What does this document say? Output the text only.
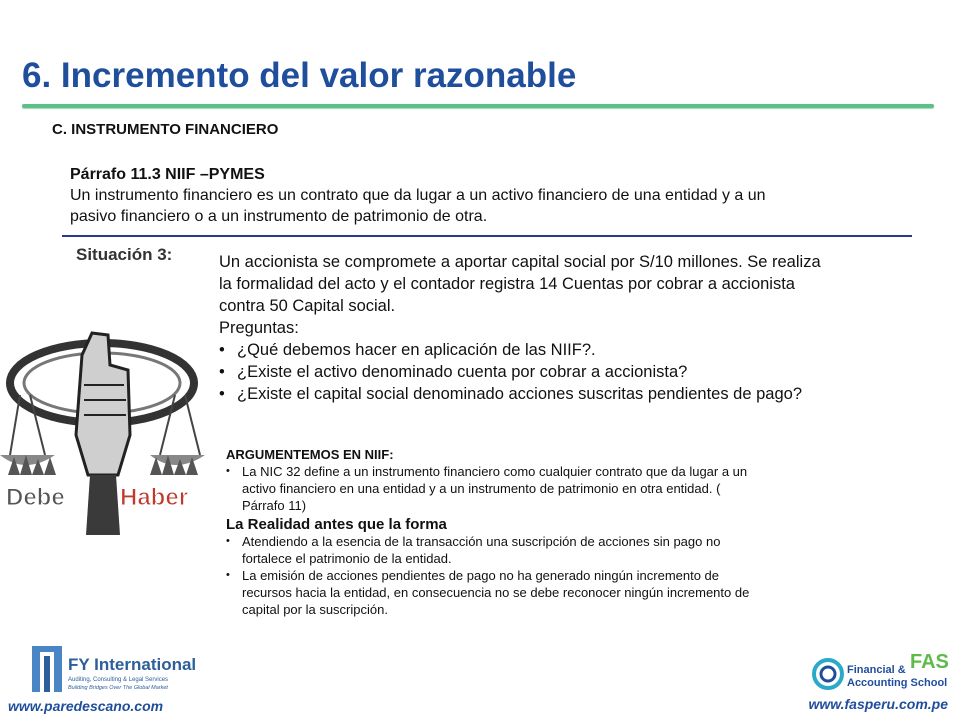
6. Incremento del valor razonable
C. INSTRUMENTO FINANCIERO
Párrafo 11.3 NIIF –PYMES
Un instrumento financiero es un contrato que da lugar a un activo financiero de una entidad y a un
pasivo financiero o a un instrumento de patrimonio de otra.
Situación 3:	Un accionista se compromete a aportar capital social por S/10 millones. Se realiza
la formalidad del acto y el contador registra 14 Cuentas por cobrar a accionista
contra 50 Capital social.
Preguntas:
• ¿Qué debemos hacer en aplicación de las NIIF?.
• ¿Existe el activo denominado cuenta por cobrar a accionista?
• ¿Existe el capital social denominado acciones suscritas pendientes de pago?
Debe Haber
ARGUMENTEMOS EN NIIF:
• La NIC 32 define a un instrumento financiero como cualquier contrato que da lugar a un
activo financiero en una entidad y a un instrumento de patrimonio en otra entidad. (
Párrafo 11)
La Realidad antes que la forma
• Atendiendo a la esencia de la transacción una suscripción de acciones sin pago no
fortalece el patrimonio de la entidad.
• La emisión de acciones pendientes de pago no ha generado ningún incremento de
recursos hacia la entidad, en consecuencia no se debe reconocer ningún incremento de
capital por la suscripción.
FY International
Auditing, Consulting & Legal Services
Building Bridges Over The Global Market
www.paredescano.com
Financial &
Accounting School
FAS
www.fasperu.com.pe
